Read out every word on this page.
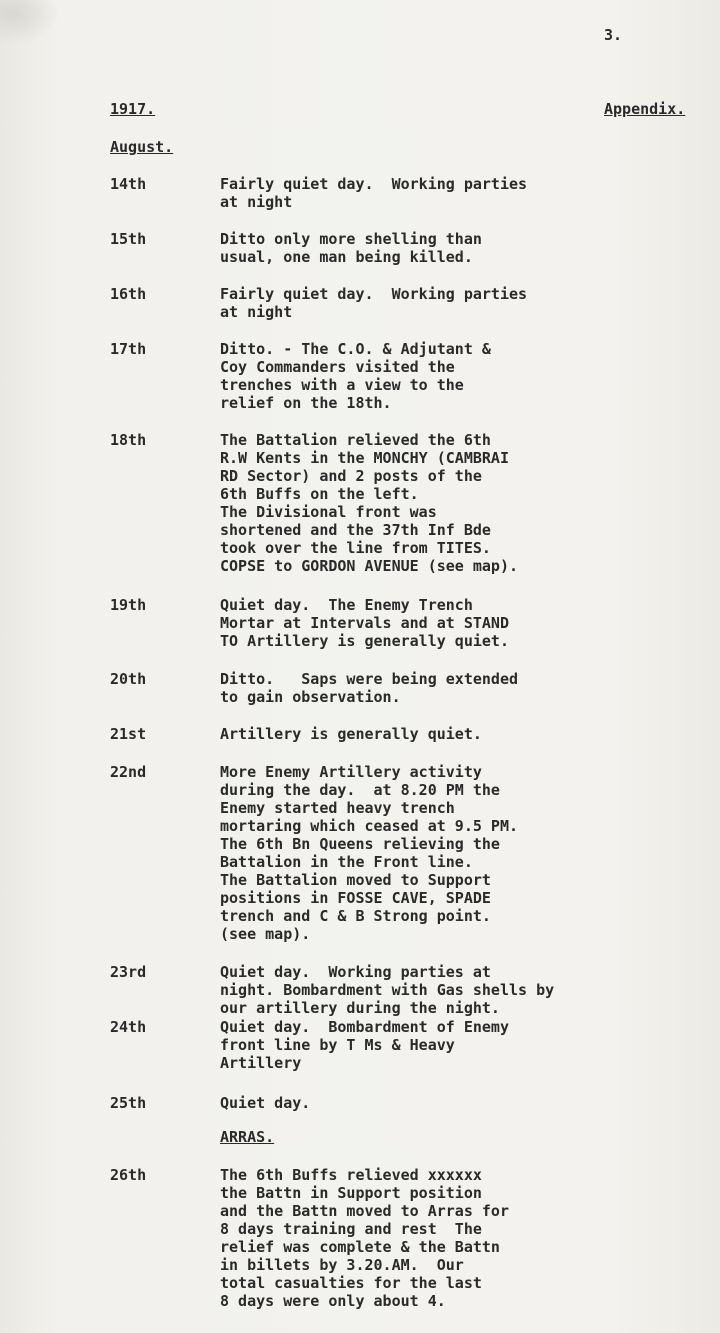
3.
1917.	Appendix.
August.
14th	Fairly quiet day.  Working parties
at night
15th	Ditto only more shelling than
usual, one man being killed.
16th	Fairly quiet day.  Working parties
at night
17th	Ditto. - The C.O. & Adjutant &
Coy Commanders visited the
trenches with a view to the
relief on the 18th.
18th	The Battalion relieved the 6th
R.W Kents in the MONCHY (CAMBRAI
RD Sector) and 2 posts of the
6th Buffs on the left.
The Divisional front was
shortened and the 37th Inf Bde
took over the line from TITES.
COPSE to GORDON AVENUE (see map).
19th	Quiet day.  The Enemy Trench
Mortar at Intervals and at STAND
TO Artillery is generally quiet.
20th	Ditto.   Saps were being extended
to gain observation.
21st	Artillery is generally quiet.
22nd	More Enemy Artillery activity
during the day.  at 8.20 PM the
Enemy started heavy trench
mortaring which ceased at 9.5 PM.
The 6th Bn Queens relieving the
Battalion in the Front line.
The Battalion moved to Support
positions in FOSSE CAVE, SPADE
trench and C & B Strong point.
(see map).
23rd	Quiet day.  Working parties at
night. Bombardment with Gas shells by
our artillery during the night.
24th	Quiet day.  Bombardment of Enemy
front line by T Ms & Heavy
Artillery
25th	Quiet day.
ARRAS.
26th	The 6th Buffs relieved xxxxxx
the Battn in Support position
and the Battn moved to Arras for
8 days training and rest  The
relief was complete & the Battn
in billets by 3.20.AM.  Our
total casualties for the last
8 days were only about 4.
